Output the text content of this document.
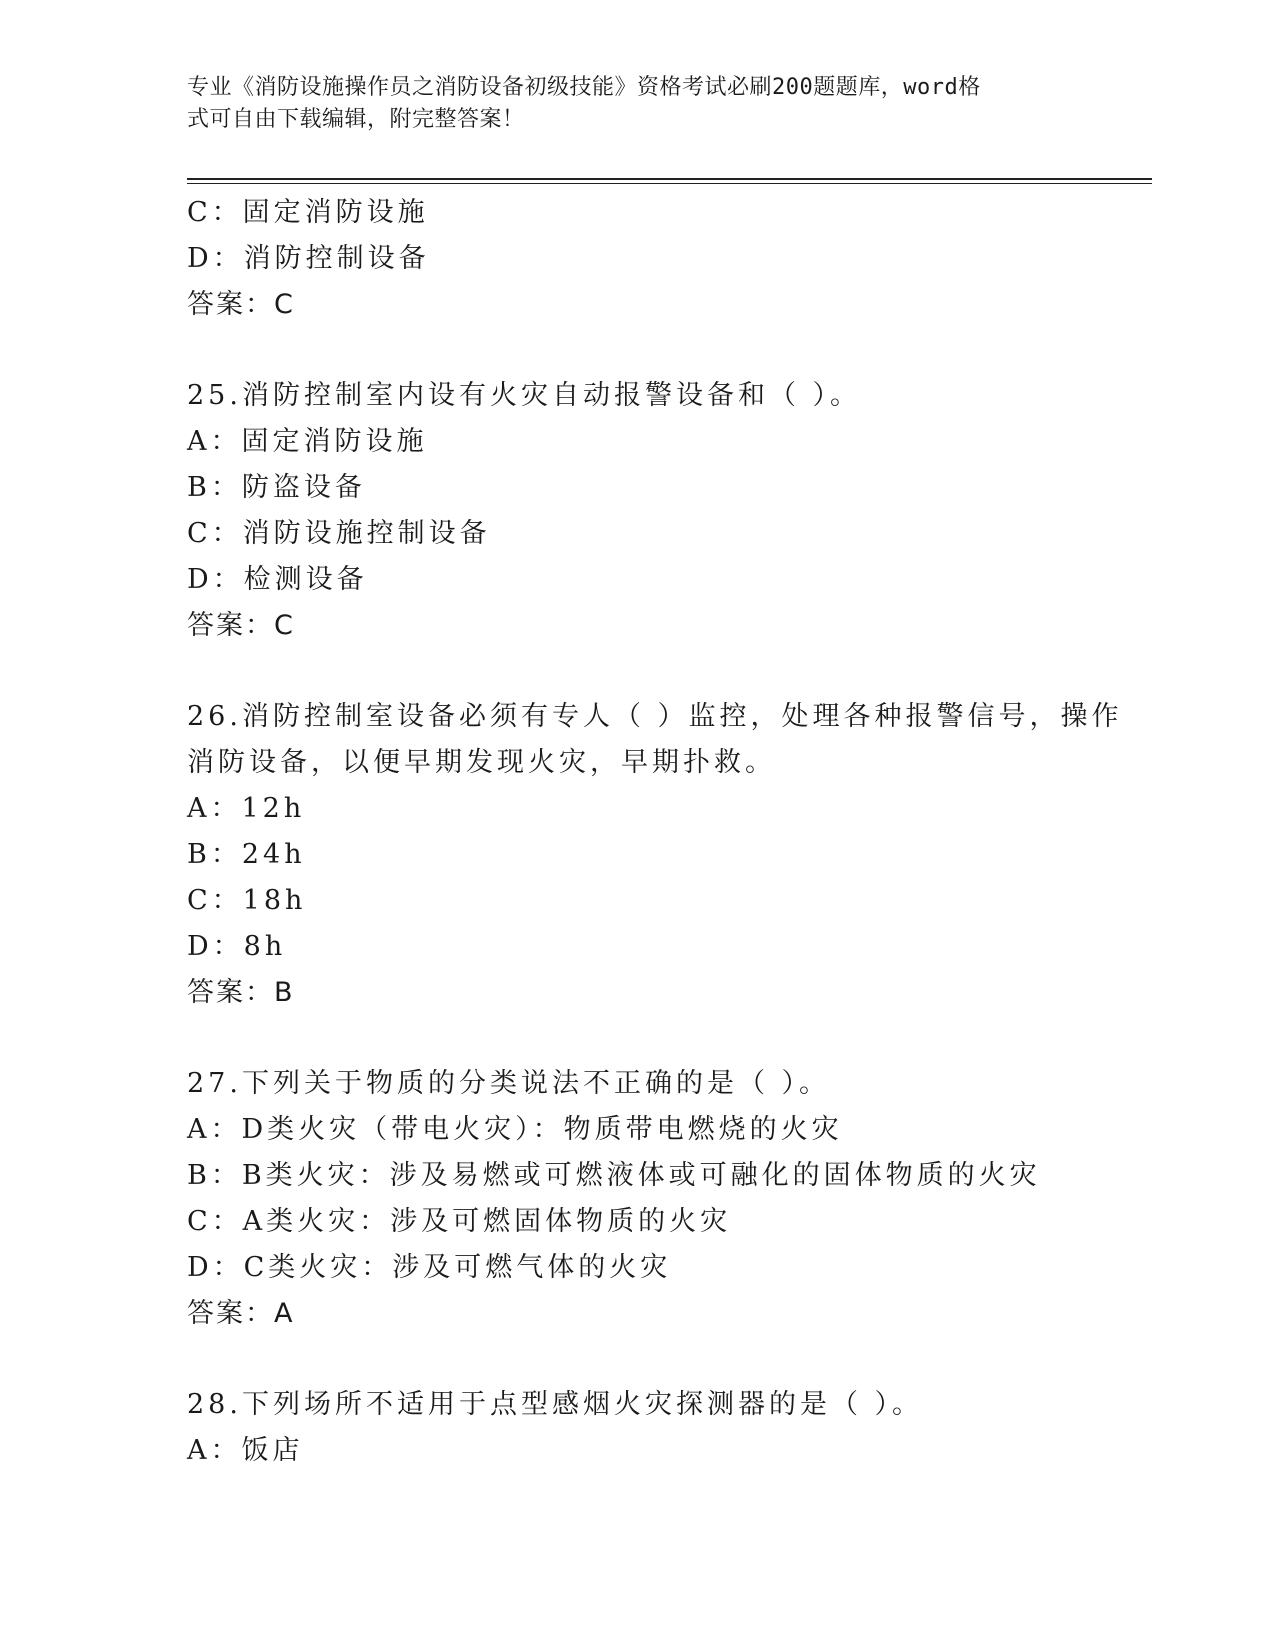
专业《消防设施操作员之消防设备初级技能》资格考试必刷200题题库，word格
式可自由下载编辑，附完整答案！
C：固定消防设施
D：消防控制设备
答案：C
25.消防控制室内设有火灾自动报警设备和（ ）。
A：固定消防设施
B：防盗设备
C：消防设施控制设备
D：检测设备
答案：C
26.消防控制室设备必须有专人（ ）监控，处理各种报警信号，操作
消防设备，以便早期发现火灾，早期扑救。
A：12h
B：24h
C：18h
D：8h
答案：B
27.下列关于物质的分类说法不正确的是（ ）。
A：D类火灾（带电火灾）：物质带电燃烧的火灾
B：B类火灾：涉及易燃或可燃液体或可融化的固体物质的火灾
C：A类火灾：涉及可燃固体物质的火灾
D：C类火灾：涉及可燃气体的火灾
答案：A
28.下列场所不适用于点型感烟火灾探测器的是（ ）。
A：饭店
